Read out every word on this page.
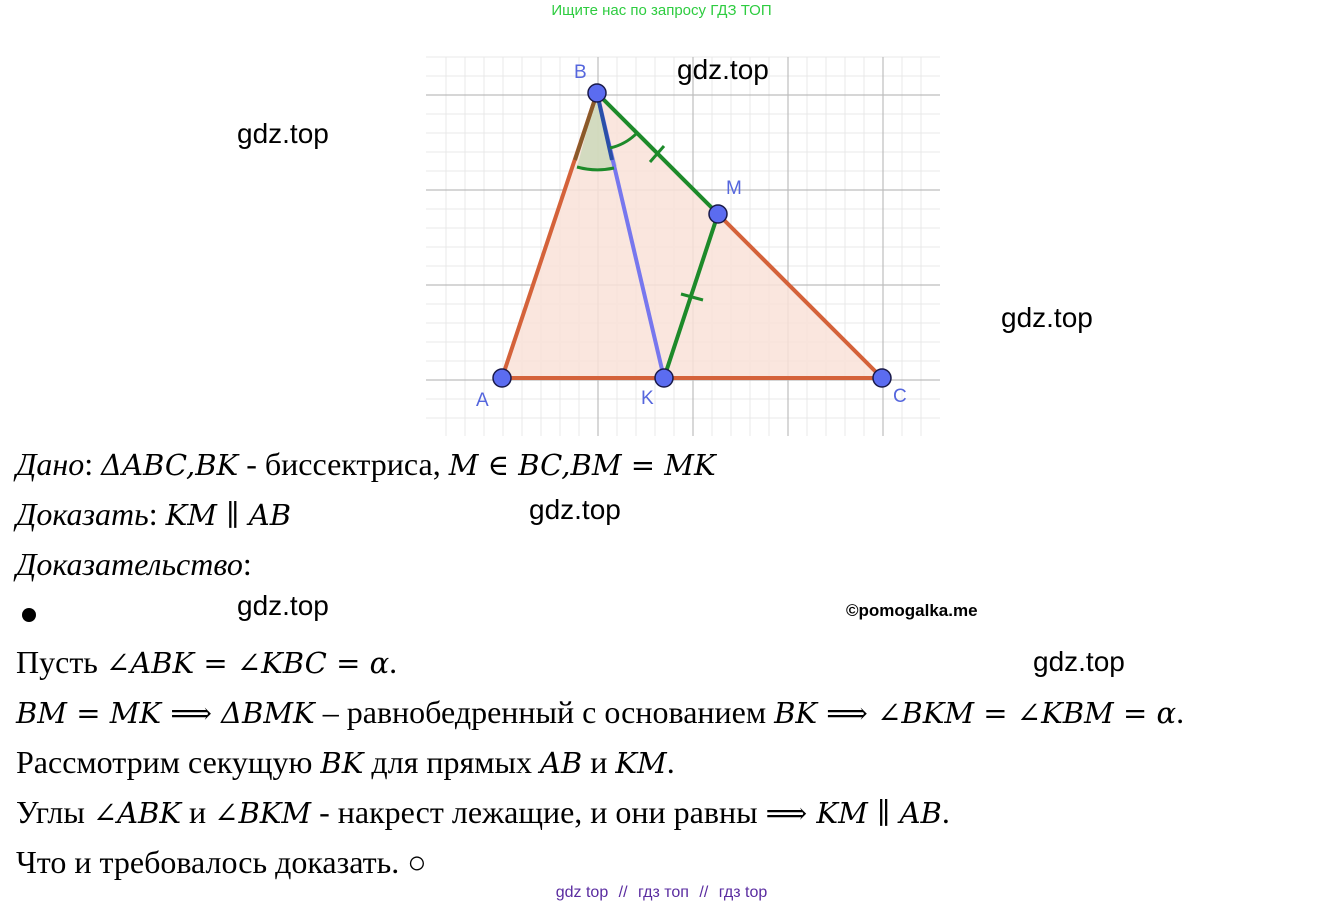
Ищите нас по запросу ГДЗ ТОП
A
B
C
K
M
gdz.top
gdz.top
gdz.top
gdz.top
gdz.top
gdz.top
©pomogalka.me
Дано: ΔABC,BK - биссектриса, M ∈ BC,BM = MK
Доказать: KM ∥ AB
Доказательство:
Пусть ∠ABK = ∠KBC = α.
BM = MK ⟹ ΔBMK – равнобедренный с основанием BK ⟹ ∠BKM = ∠KBM = α.
Рассмотрим секущую BK для прямых AB и KM.
Углы ∠ABK и ∠BKM - накрест лежащие, и они равны ⟹ KM ∥ AB.
Что и требовалось доказать. ○
gdz top // гдз топ // гдз top
